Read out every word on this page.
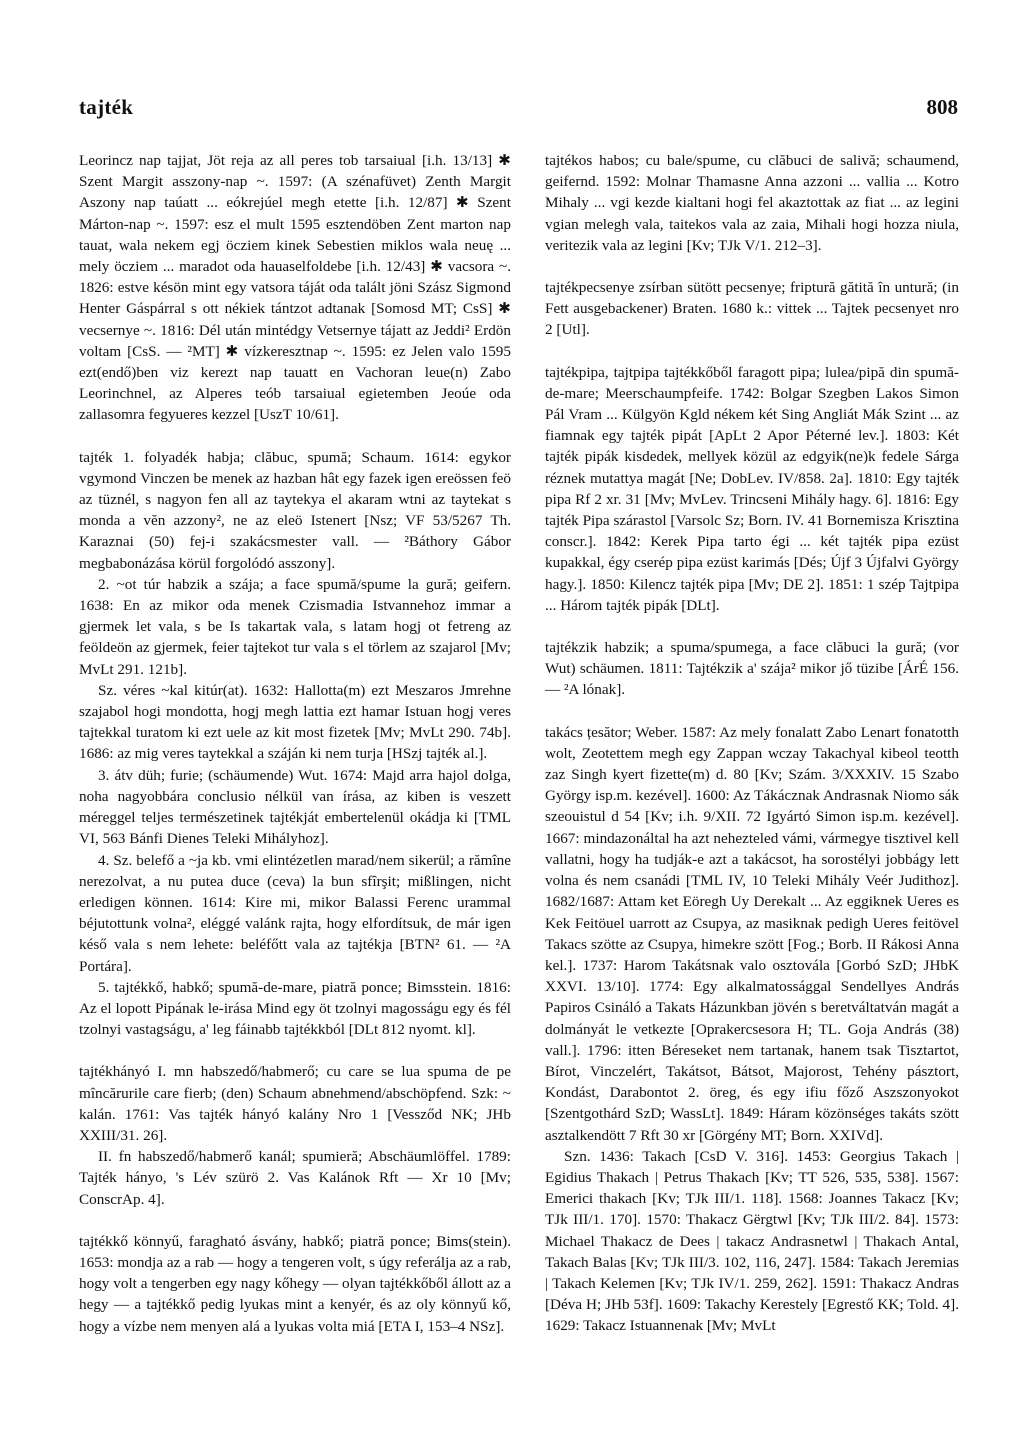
tajték	808

Leorincz nap tajjat, Jöt reja az all peres tob tarsaiual [i.h. 13/13] ✱ Szent Margit asszony-nap ~. 1597: (A szénafüvet) Zenth Margit Aszony nap taúatt ... eókrejúel megh etette [i.h. 12/87] ✱ Szent Márton-nap ~. 1597: esz el mult 1595 esztendöben Zent marton nap tauat, wala nekem egj öcziem kinek Sebestien miklos wala neuę ... mely öcziem ... maradot oda hauaselfoldebe [i.h. 12/43] ✱ vacsora ~. 1826: estve késön mint egy vatsora táját oda talált jöni Szász Sigmond Henter Gáspárral s ott nékiek tántzot adtanak [Somosd MT; CsS] ✱ vecsernye ~. 1816: Dél után mintédgy Vetsernye tájatt az Jeddi² Erdön voltam [CsS. — ²MT] ✱ vízkeresztnap ~. 1595: ez Jelen valo 1595 ezt(endő)ben viz kerezt nap tauatt en Vachoran leue(n) Zabo Leorinchnel, az Alperes teób tarsaiual egietemben Jeoúe oda zallasomra fegyueres kezzel [UszT 10/61].

tajték 1. folyadék habja; clăbuc, spumă; Schaum. 1614: egykor vgymond Vinczen be menek az hazban hât egy fazek igen ereössen feö az tüznél, s nagyon fen all az taytekya el akaram wtni az taytekat s monda a vĕn azzony², ne az eleö Istenert [Nsz; VF 53/5267 Th. Karaznai (50) fej-i szakácsmester vall. — ²Báthory Gábor megbabonázása körül forgolódó asszony].

2. ~ot túr habzik a szája; a face spumă/spume la gură; geifern. 1638: En az mikor oda menek Czismadia Istvannehoz immar a gjermek let vala, s be Is takartak vala, s latam hogj ot fetreng az feöldeön az gjermek, feier tajtekot tur vala s el törlem az szajarol [Mv; MvLt 291. 121b].

Sz. véres ~kal kitúr(at). 1632: Hallotta(m) ezt Meszaros Jmrehne szajabol hogi mondotta, hogj megh lattia ezt hamar Istuan hogj veres tajtekkal turatom ki ezt uele az kit most fizetek [Mv; MvLt 290. 74b]. 1686: az mig veres taytekkal a száján ki nem turja [HSzj tajték al.].

3. átv düh; furie; (schäumende) Wut. 1674: Majd arra hajol dolga, noha nagyobbára conclusio nélkül van írása, az kiben is veszett méreggel teljes természetinek tajtékját embertelenül okádja ki [TML VI, 563 Bánfi Dienes Teleki Mihályhoz].

4. Sz. belefő a ~ja kb. vmi elintézetlen marad/nem sikerül; a rămîne nerezolvat, a nu putea duce (ceva) la bun sfîrşit; mißlingen, nicht erledigen können. 1614: Kire mi, mikor Balassi Ferenc urammal béjutottunk volna², eléggé valánk rajta, hogy elfordítsuk, de már igen késő vala s nem lehete: beléfőtt vala az tajtékja [BTN² 61. — ²A Portára].

5. tajtékkő, habkő; spumă-de-mare, piatră ponce; Bimsstein. 1816: Az el lopott Pipának le-irása Mind egy öt tzolnyi magosságu egy és fél tzolnyi vastagságu, a' leg fáinabb tajtékkból [DLt 812 nyomt. kl].

tajtékhányó I. mn habszedő/habmerő; cu care se lua spuma de pe mîncărurile care fierb; (den) Schaum abnehmend/abschöpfend. Szk: ~ kalán. 1761: Vas tajték hányó kalány Nro 1 [Vessződ NK; JHb XXIII/31. 26].

II. fn habszedő/habmerő kanál; spumieră; Abschäumlöffel. 1789: Tajték hányo, 's Lév szürö 2. Vas Kalánok Rft — Xr 10 [Mv; ConscrAp. 4].

tajtékkő könnyű, faragható ásvány, habkő; piatră ponce; Bims(stein). 1653: mondja az a rab — hogy a tengeren volt, s úgy referálja az a rab, hogy volt a tengerben egy nagy kőhegy — olyan tajtékkőből állott az a hegy — a tajtékkő pedig lyukas mint a kenyér, és az oly könnyű kő, hogy a vízbe nem menyen alá a lyukas volta miá [ETA I, 153–4 NSz].

tajtékos habos; cu bale/spume, cu clăbuci de salivă; schaumend, geifernd. 1592: Molnar Thamasne Anna azzoni ... vallia ... Kotro Mihaly ... vgi kezde kialtani hogi fel akaztottak az fiat ... az legini vgian melegh vala, taitekos vala az zaia, Mihali hogi hozza niula, veritezik vala az legini [Kv; TJk V/1. 212–3].

tajtékpecsenye zsírban sütött pecsenye; friptură gătită în untură; (in Fett ausgebackener) Braten. 1680 k.: vittek ... Tajtek pecsenyet nro 2 [Utl].

tajtékpipa, tajtpipa tajtékkőből faragott pipa; lulea/pipă din spumă-de-mare; Meerschaumpfeife. 1742: Bolgar Szegben Lakos Simon Pál Vram ... Külgyön Kgld nékem két Sing Angliát Mák Szint ... az fiamnak egy tajték pipát [ApLt 2 Apor Péterné lev.]. 1803: Két tajték pipák kisdedek, mellyek közül az edgyik(ne)k fedele Sárga réznek mutattya magát [Ne; DobLev. IV/858. 2a]. 1810: Egy tajték pipa Rf 2 xr. 31 [Mv; MvLev. Trincseni Mihály hagy. 6]. 1816: Egy tajték Pipa szárastol [Varsolc Sz; Born. IV. 41 Bornemisza Krisztina conscr.]. 1842: Kerek Pipa tarto égi ... két tajték pipa ezüst kupakkal, égy cserép pipa ezüst karimás [Dés; Újf 3 Újfalvi György hagy.]. 1850: Kilencz tajték pipa [Mv; DE 2]. 1851: 1 szép Tajtpipa ... Három tajték pipák [DLt].

tajtékzik habzik; a spuma/spumega, a face clăbuci la gură; (vor Wut) schäumen. 1811: Tajtékzik a' szája² mikor jő tüzibe [ÁrÉ 156. — ²A lónak].

takács țesător; Weber. 1587: Az mely fonalatt Zabo Lenart fonatotth wolt, Zeotettem megh egy Zappan wczay Takachyal kibeol teotth zaz Singh kyert fizette(m) d. 80 [Kv; Szám. 3/XXXIV. 15 Szabo György isp.m. kezével]. 1600: Az Tákácznak Andrasnak Niomo sák szeouistul d 54 [Kv; i.h. 9/XII. 72 Igyártó Simon isp.m. kezével]. 1667: mindazonáltal ha azt nehezteled vámi, vármegye tisztivel kell vallatni, hogy ha tudják-e azt a takácsot, ha sorostélyi jobbágy lett volna és nem csanádi [TML IV, 10 Teleki Mihály Veér Judithoz]. 1682/1687: Attam ket Eöregh Uy Derekalt ... Az eggiknek Ueres es Kek Feitöuel uarrott az Csupya, az masiknak pedigh Ueres feitövel Takacs szötte az Csupya, himekre szött [Fog.; Borb. II Rákosi Anna kel.]. 1737: Harom Takátsnak valo osztovála [Gorbó SzD; JHbK XXVI. 13/10]. 1774: Egy alkalmatossággal Sendellyes András Papiros Csináló a Takats Házunkban jövén s beretváltatván magát a dolmányát le vetkezte [Oprakercsesora H; TL. Goja András (38) vall.]. 1796: itten Béreseket nem tartanak, hanem tsak Tisztartot, Bírot, Vinczelért, Takátsot, Bátsot, Majorost, Tehény pásztort, Kondást, Darabontot 2. öreg, és egy ifiu főző Aszszonyokot [Szentgothárd SzD; WassLt]. 1849: Háram közönséges takáts szött asztalkendött 7 Rft 30 xr [Görgény MT; Born. XXIVd].

Szn. 1436: Takach [CsD V. 316]. 1453: Georgius Takach | Egidius Thakach | Petrus Thakach [Kv; TT 526, 535, 538]. 1567: Emerici thakach [Kv; TJk III/1. 118]. 1568: Joannes Takacz [Kv; TJk III/1. 170]. 1570: Thakacz Gërgtwl [Kv; TJk III/2. 84]. 1573: Michael Thakacz de Dees | takacz Andrasnetwl | Thakach Antal, Takach Balas [Kv; TJk III/3. 102, 116, 247]. 1584: Takach Jeremias | Takach Kelemen [Kv; TJk IV/1. 259, 262]. 1591: Thakacz Andras [Déva H; JHb 53f]. 1609: Takachy Kerestely [Egrestő KK; Told. 4]. 1629: Takacz Istuannenak [Mv; MvLt
